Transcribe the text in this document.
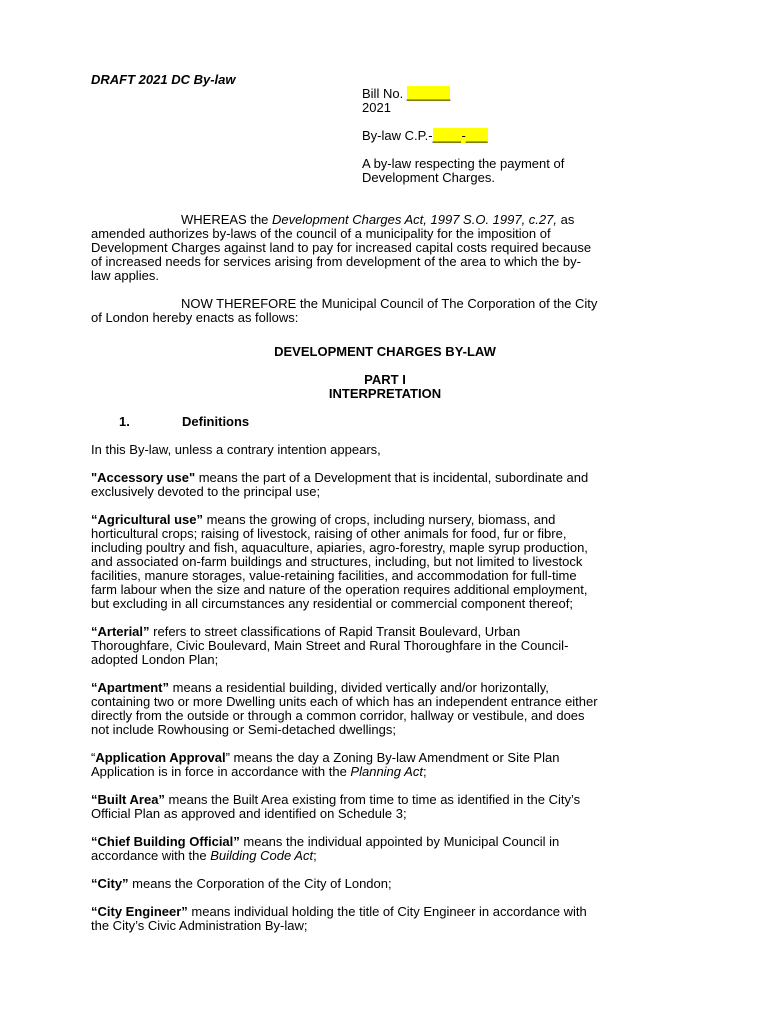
DRAFT 2021 DC By-law

Bill No. ______
2021
By-law C.P.-____-___
A by-law respecting the payment of
Development Charges.
WHEREAS the Development Charges Act, 1997 S.O. 1997, c.27, as
amended authorizes by-laws of the council of a municipality for the imposition of
Development Charges against land to pay for increased capital costs required because
of increased needs for services arising from development of the area to which the by-
law applies.
NOW THEREFORE the Municipal Council of The Corporation of the City
of London hereby enacts as follows:

DEVELOPMENT CHARGES BY-LAW

PART I
INTERPRETATION

1.	Definitions

In this By-law, unless a contrary intention appears,

"Accessory use" means the part of a Development that is incidental, subordinate and
exclusively devoted to the principal use;
“Agricultural use” means the growing of crops, including nursery, biomass, and
horticultural crops; raising of livestock, raising of other animals for food, fur or fibre,
including poultry and fish, aquaculture, apiaries, agro-forestry, maple syrup production,
and associated on-farm buildings and structures, including, but not limited to livestock
facilities, manure storages, value-retaining facilities, and accommodation for full-time
farm labour when the size and nature of the operation requires additional employment,
but excluding in all circumstances any residential or commercial component thereof;
“Arterial” refers to street classifications of Rapid Transit Boulevard, Urban
Thoroughfare, Civic Boulevard, Main Street and Rural Thoroughfare in the Council-
adopted London Plan;
“Apartment” means a residential building, divided vertically and/or horizontally,
containing two or more Dwelling units each of which has an independent entrance either
directly from the outside or through a common corridor, hallway or vestibule, and does
not include Rowhousing or Semi-detached dwellings;
“Application Approval” means the day a Zoning By-law Amendment or Site Plan
Application is in force in accordance with the Planning Act;
“Built Area” means the Built Area existing from time to time as identified in the City’s
Official Plan as approved and identified on Schedule 3;
“Chief Building Official” means the individual appointed by Municipal Council in
accordance with the Building Code Act;
“City” means the Corporation of the City of London;
“City Engineer” means individual holding the title of City Engineer in accordance with
the City’s Civic Administration By-law;
